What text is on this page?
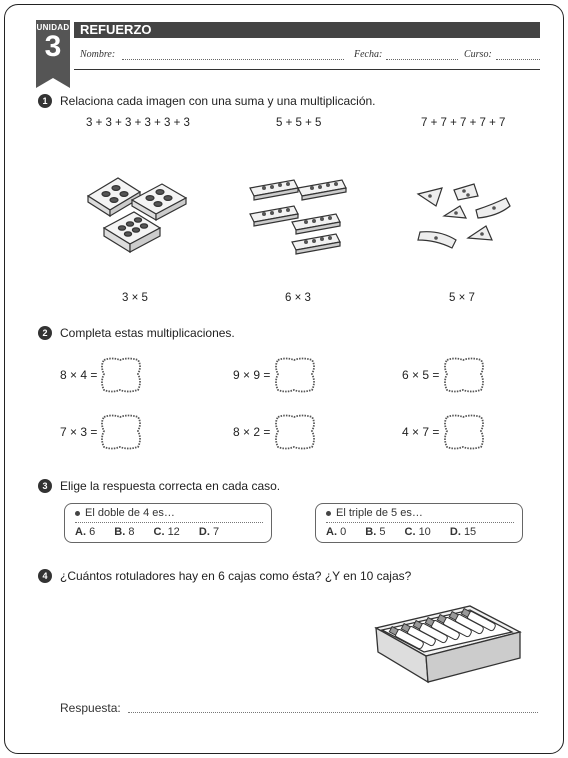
UNIDAD
3
REFUERZO
Nombre:	Fecha:	Curso:
1	Relaciona cada imagen con una suma y una multiplicación.
3 + 3 + 3 + 3 + 3 + 3	5 + 5 + 5	7 + 7 + 7 + 7 + 7
3 × 5	6 × 3	5 × 7
2	Completa estas multiplicaciones.
8 × 4 =	9 × 9 =	6 × 5 =
7 × 3 =	8 × 2 =	4 × 7 =
3	Elige la respuesta correcta en cada caso.
El doble de 4 es…
A. 6 B. 8 C. 12 D. 7
El triple de 5 es…
A. 0 B. 5 C. 10 D. 15
4	¿Cuántos rotuladores hay en 6 cajas como ésta? ¿Y en 10 cajas?
Respuesta:
